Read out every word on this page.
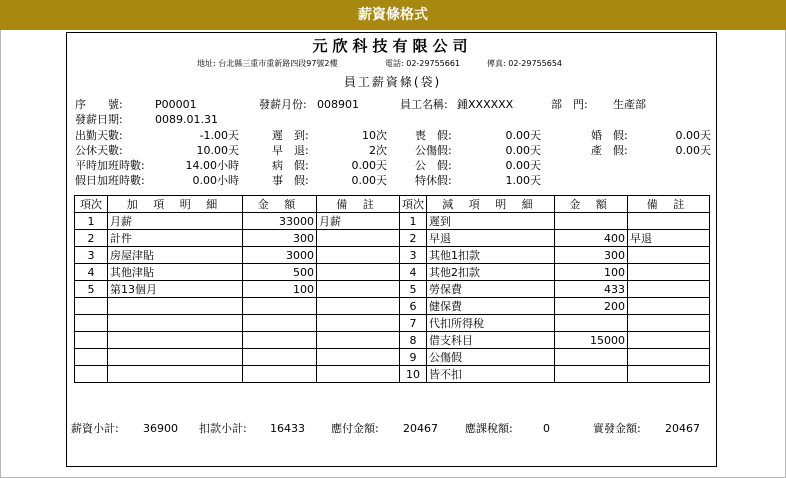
薪資條格式
元欣科技有限公司
地址: 台北縣三重市重新路四段97號2樓	電話: 02-29755661	傳真: 02-29755654
員工薪資條(袋)
序　　號:	P00001	發薪月份: 008901	員工名稱: 鍾XXXXXX	部　門: 生產部
發薪日期:	0089.01.31
出勤天數:	-1.00天	遲　到:	10次	喪　假:	0.00天	婚　假:	0.00天
公休天數:	10.00天	早　退:	2次	公傷假:	0.00天	產　假:	0.00天
平時加班時數:	14.00小時	病　假:	0.00天	公　假:	0.00天
假日加班時數:	0.00小時	事　假:	0.00天	特休假:	1.00天
項次	加 項 明 細	金 額	備 註	項次	減 項 明 細	金 額	備 註
1	月薪	33000	月薪	1	遲到		
2	計件	300		2	早退	400	早退
3	房屋津貼	3000		3	其他1扣款	300	
4	其他津貼	500		4	其他2扣款	100	
5	第13個月	100		5	勞保費	433	
				6	健保費	200	
				7	代扣所得稅		
				8	借支科目	15000	
				9	公傷假		
				10	皆不扣		
薪資小計: 36900 扣款小計: 16433 應付金額: 20467 應課稅額:	0	實發金額: 20467
